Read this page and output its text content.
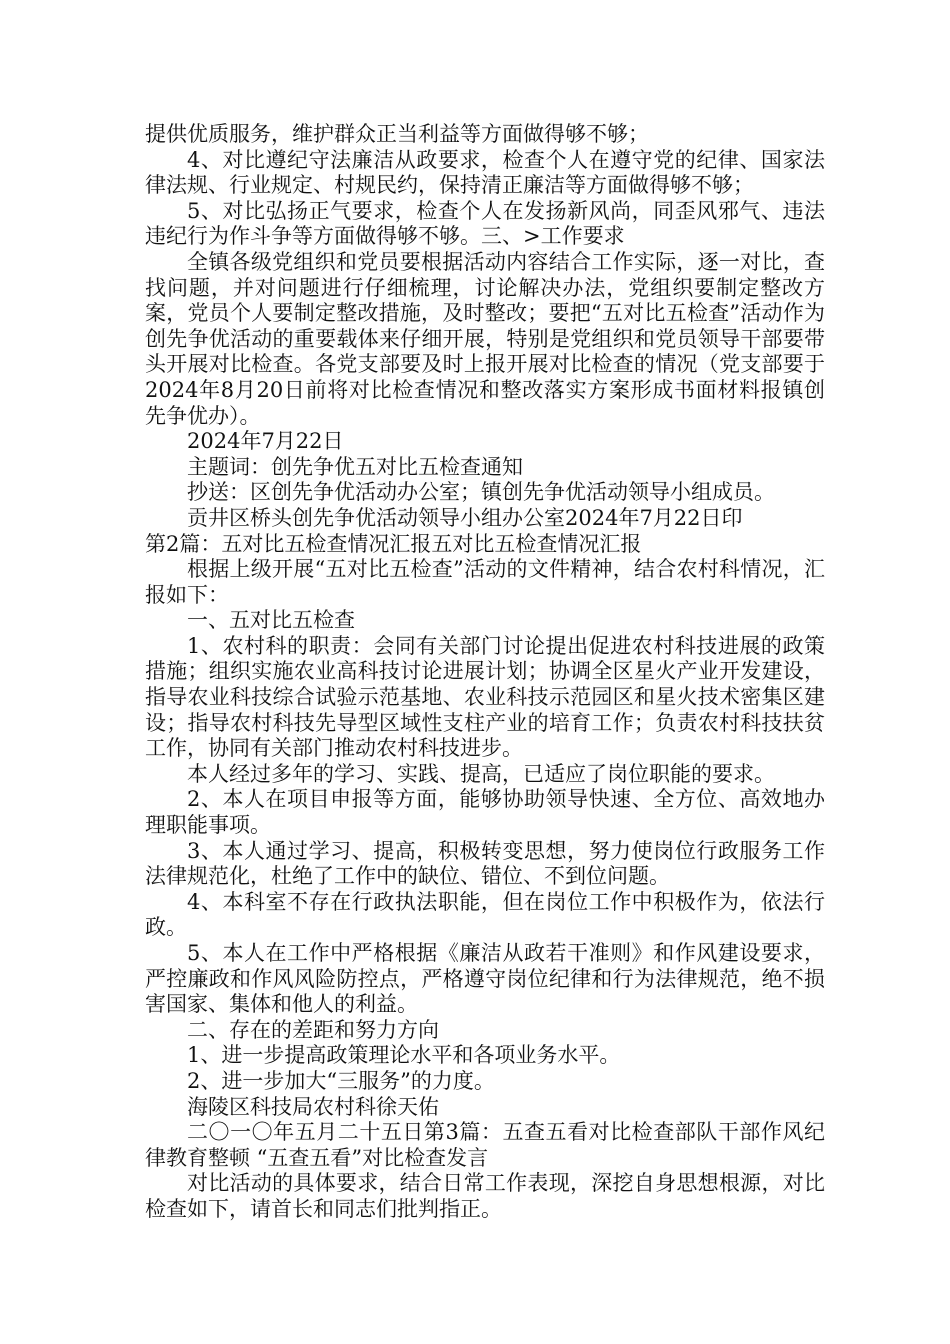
提供优质服务，维护群众正当利益等方面做得够不够；

4、对比遵纪守法廉洁从政要求，检查个人在遵守党的纪律、国家法律法规、行业规定、村规民约，保持清正廉洁等方面做得够不够；

5、对比弘扬正气要求，检查个人在发扬新风尚，同歪风邪气、违法违纪行为作斗争等方面做得够不够。三、>工作要求

全镇各级党组织和党员要根据活动内容结合工作实际，逐一对比，查找问题，并对问题进行仔细梳理，讨论解决办法，党组织要制定整改方案，党员个人要制定整改措施，及时整改；要把“五对比五检查”活动作为创先争优活动的重要载体来仔细开展，特别是党组织和党员领导干部要带头开展对比检查。各党支部要及时上报开展对比检查的情况（党支部要于2024年8月20日前将对比检查情况和整改落实方案形成书面材料报镇创先争优办）。

2024年7月22日

主题词：创先争优五对比五检查通知

抄送：区创先争优活动办公室；镇创先争优活动领导小组成员。

贡井区桥头创先争优活动领导小组办公室2024年7月22日印

第2篇：五对比五检查情况汇报五对比五检查情况汇报

根据上级开展“五对比五检查”活动的文件精神，结合农村科情况，汇报如下：

一、五对比五检查

1、农村科的职责：会同有关部门讨论提出促进农村科技进展的政策措施；组织实施农业高科技讨论进展计划；协调全区星火产业开发建设，指导农业科技综合试验示范基地、农业科技示范园区和星火技术密集区建设；指导农村科技先导型区域性支柱产业的培育工作；负责农村科技扶贫工作，协同有关部门推动农村科技进步。

本人经过多年的学习、实践、提高，已适应了岗位职能的要求。

2、本人在项目申报等方面，能够协助领导快速、全方位、高效地办理职能事项。

3、本人通过学习、提高，积极转变思想，努力使岗位行政服务工作法律规范化，杜绝了工作中的缺位、错位、不到位问题。

4、本科室不存在行政执法职能，但在岗位工作中积极作为，依法行政。

5、本人在工作中严格根据《廉洁从政若干准则》和作风建设要求，严控廉政和作风风险防控点，严格遵守岗位纪律和行为法律规范，绝不损害国家、集体和他人的利益。

二、存在的差距和努力方向

1、进一步提高政策理论水平和各项业务水平。

2、进一步加大“三服务”的力度。

海陵区科技局农村科徐天佑

二〇一〇年五月二十五日第3篇：五查五看对比检查部队干部作风纪律教育整顿 “五查五看”对比检查发言

对比活动的具体要求，结合日常工作表现，深挖自身思想根源，对比检查如下，请首长和同志们批判指正。
